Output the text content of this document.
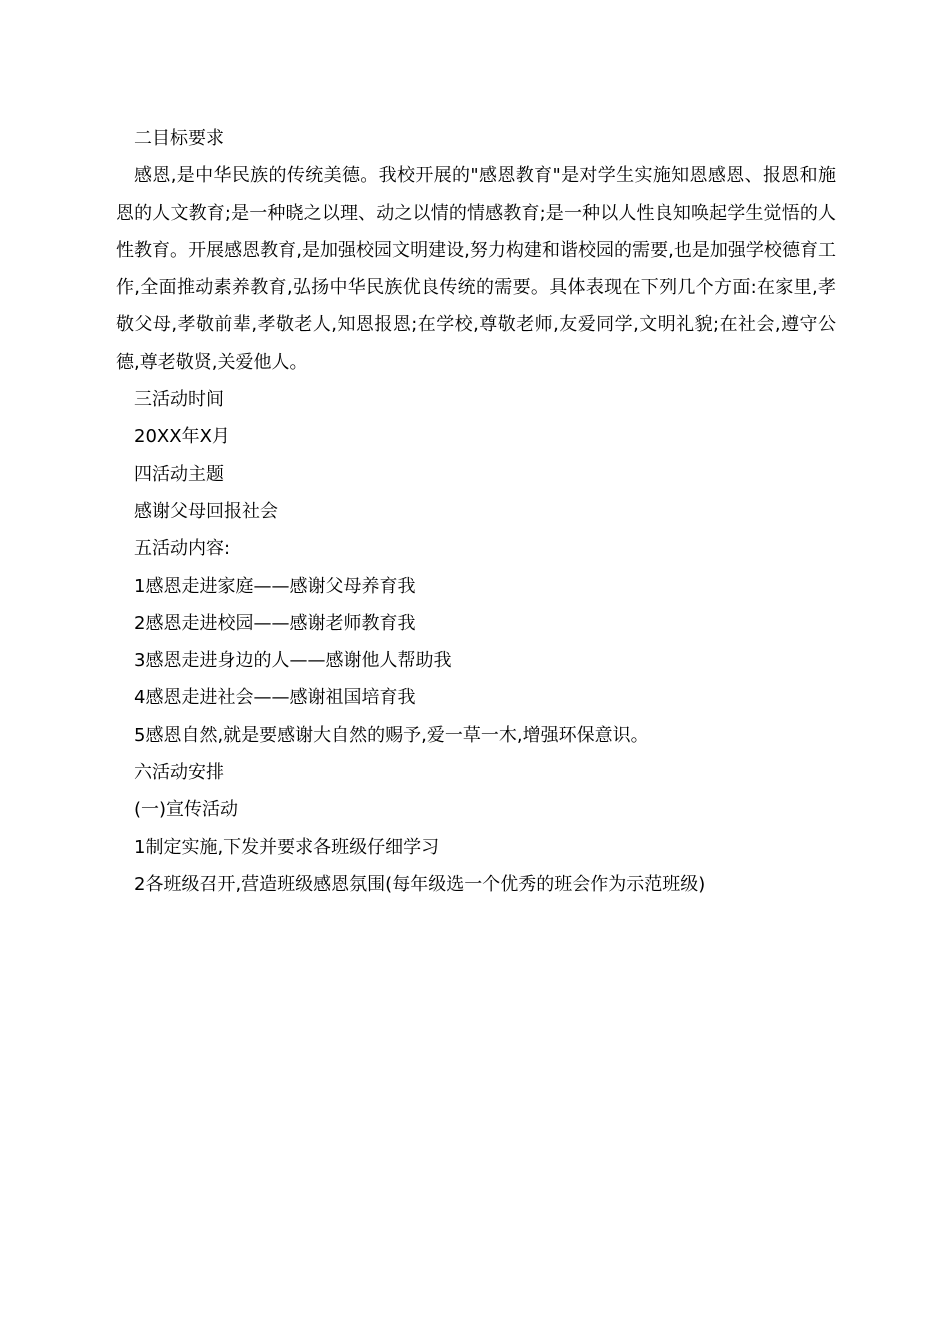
二目标要求

感恩,是中华民族的传统美德。我校开展的"感恩教育"是对学生实施知恩感恩、报恩和施恩的人文教育;是一种晓之以理、动之以情的情感教育;是一种以人性良知唤起学生觉悟的人性教育。开展感恩教育,是加强校园文明建设,努力构建和谐校园的需要,也是加强学校德育工作,全面推动素养教育,弘扬中华民族优良传统的需要。具体表现在下列几个方面:在家里,孝敬父母,孝敬前辈,孝敬老人,知恩报恩;在学校,尊敬老师,友爱同学,文明礼貌;在社会,遵守公德,尊老敬贤,关爱他人。

三活动时间

20XX年X月

四活动主题

感谢父母回报社会

五活动内容:

1感恩走进家庭——感谢父母养育我

2感恩走进校园——感谢老师教育我

3感恩走进身边的人——感谢他人帮助我

4感恩走进社会——感谢祖国培育我

5感恩自然,就是要感谢大自然的赐予,爱一草一木,增强环保意识。

六活动安排

(一)宣传活动

1制定实施,下发并要求各班级仔细学习

2各班级召开,营造班级感恩氛围(每年级选一个优秀的班会作为示范班级)
